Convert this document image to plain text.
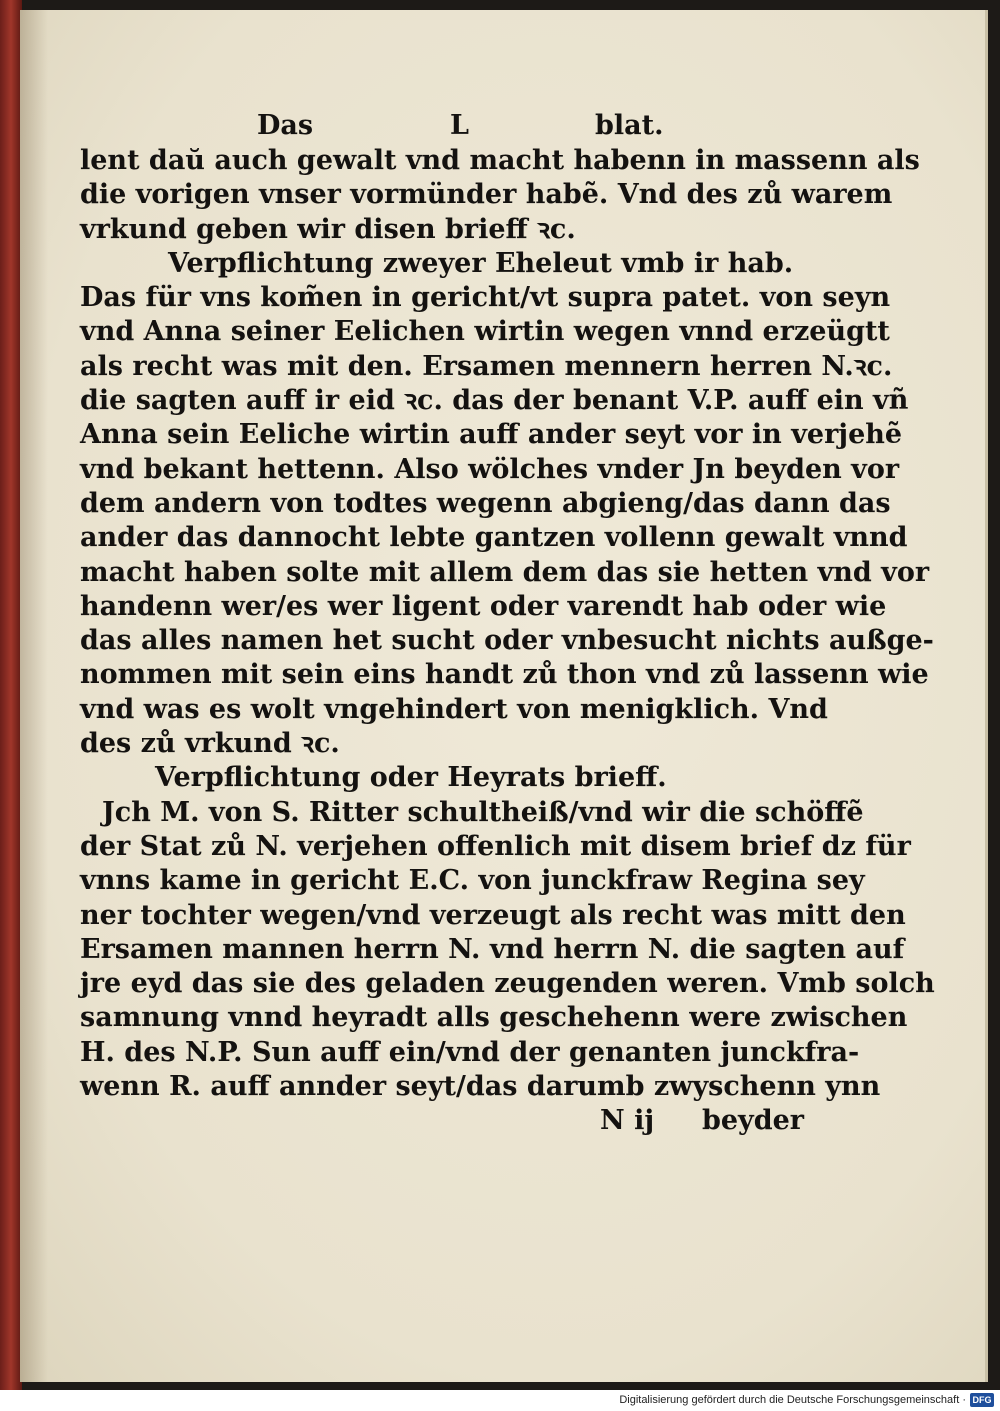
Das	L	blat.
lent daŭ auch gewalt vnd macht habenn in massenn als
die vorigen vnser vormünder habẽ. Vnd des zů warem
vrkund geben wir disen brieff ꝛc.
Verpflichtung zweyer Eheleut vmb ir hab.
Das für vns kom̃en in gericht/vt supra patet. von seyn
vnd Anna seiner Eelichen wirtin wegen vnnd erzeügtt
als recht was mit den. Ersamen mennern herren N.ꝛc.
die sagten auff ir eid ꝛc. das der benant V.P. auff ein vñ
Anna sein Eeliche wirtin auff ander seyt vor in verjehẽ
vnd bekant hettenn. Also wölches vnder Jn beyden vor
dem andern von todtes wegenn abgieng/das dann das
ander das dannocht lebte gantzen vollenn gewalt vnnd
macht haben solte mit allem dem das sie hetten vnd vor
handenn wer/es wer ligent oder varendt hab oder wie
das alles namen het sucht oder vnbesucht nichts außge-
nommen mit sein eins handt zů thon vnd zů lassenn wie
vnd was es wolt vngehindert von menigklich. Vnd
des zů vrkund ꝛc.
Verpflichtung oder Heyrats brieff.
Jch M. von S. Ritter schultheiß/vnd wir die schöffẽ
der Stat zů N. verjehen offenlich mit disem brief dz für
vnns kame in gericht E.C. von junckfraw Regina sey
ner tochter wegen/vnd verzeugt als recht was mitt den
Ersamen mannen herrn N. vnd herrn N. die sagten auf
jre eyd das sie des geladen zeugenden weren. Vmb solch
samnung vnnd heyradt alls geschehenn were zwischen
H. des N.P. Sun auff ein/vnd der genanten junckfra-
wenn R. auff annder seyt/das darumb zwyschenn ynn
N ij beyder
Digitalisierung gefördert durch die Deutsche Forschungsgemeinschaft · DFG
